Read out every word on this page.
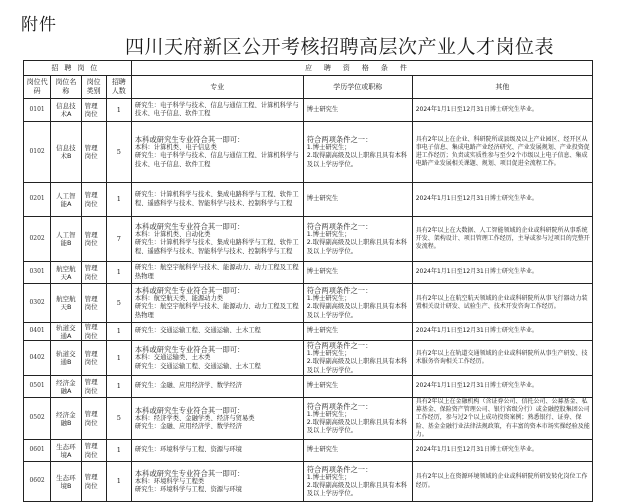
附件
四川天府新区公开考核招聘高层次产业人才岗位表
招聘岗位				应聘资格条件		
岗位代码	岗位名称	岗位类别	招聘人数	专业	学历学位或职称	其他
0101	信息技术A	管理岗位	1	研究生：电子科学与技术、信息与通信工程、计算机科学与技术、电子信息、软件工程	博士研究生	2024年1月1日至12月31日博士研究生毕业。
0102	信息技术B	管理岗位	5	本科或研究生专业符合其一即可：
本科：计算机类、电子信息类
研究生：电子科学与技术、信息与通信工程、计算机科学与技术、电子信息、软件工程	符合两项条件之一：
1.博士研究生；
2.取得副高级及以上职称且具有本科及以上学历学位。	具有2年以上在企业、科研院所或县级及以上产业园区、经开区从事电子信息、集成电路产业经济研究、产业发展规划、产业投资促进工作经历；负责或实质性参与至少2个市级以上电子信息、集成电路产业发展相关课题、规划、项目促进全流程工作。
0201	人工智能A	管理岗位	1	研究生：计算机科学与技术、集成电路科学与工程、软件工程、遥感科学与技术、智能科学与技术、控制科学与工程	博士研究生	2024年1月1日至12月31日博士研究生毕业。
0202	人工智能B	管理岗位	7	本科或研究生专业符合其一即可：
本科：计算机类、自动化类
研究生：计算机科学与技术、集成电路科学与工程、软件工程、遥感科学与技术、智能科学与技术、控制科学与工程	符合两项条件之一：
1.博士研究生；
2.取得副高级及以上职称且具有本科及以上学历学位。	具有2年以上在大数据、人工智能领域的企业或科研院所从事系统开发、架构设计、项目管理工作经历，主导或参与过项目的完整开发流程。
0301	航空航天A	管理岗位	1	研究生：航空宇航科学与技术、能源动力、动力工程及工程热物理	博士研究生	2024年1月1日至12月31日博士研究生毕业。
0302	航空航天B	管理岗位	5	本科或研究生专业符合其一即可：
本科：航空航天类、能源动力类
研究生：航空宇航科学与技术、能源动力、动力工程及工程热物理	符合两项条件之一：
1.博士研究生；
2.取得副高级及以上职称且具有本科及以上学历学位。	具有2年以上在航空航天领域的企业或科研院所从事飞行器动力装置相关设计研发、试验生产、技术开发咨询工作经历。
0401	轨道交通A	管理岗位	1	研究生：交通运输工程、交通运输、土木工程	博士研究生	2024年1月1日至12月31日博士研究生毕业。
0402	轨道交通B	管理岗位	1	本科或研究生专业符合其一即可：
本科：交通运输类、土木类
研究生：交通运输工程、交通运输、土木工程	符合两项条件之一：
1.博士研究生；
2.取得副高级及以上职称且具有本科及以上学历学位。	具有2年以上在轨道交通领域的企业或科研院所从事生产研发、技术服务咨询相关工作经历。
0501	经济金融A	管理岗位	1	研究生：金融、应用经济学、数学经济	博士研究生	2024年1月1日至12月31日博士研究生毕业。
0502	经济金融B	管理岗位	5	本科或研究生专业符合其一即可：
本科：经济学类、金融学类、经济与贸易类
研究生：金融、应用经济学、数学经济	符合两项条件之一：
1.博士研究生；
2.取得副高级及以上职称且具有本科及以上学历学位。	具有2年以上在金融机构（含证券公司、信托公司、公募基金、私募基金、保险资产管理公司、银行省级分行）或金融控股集团公司工作经历，参与过2个以上成功投资案例；熟悉银行、证券、保险、基金金融行业法律法规政策，有丰富的资本市场实操经验及能力。
0601	生态环境A	管理岗位	1	研究生：环境科学与工程、资源与环境	博士研究生	2024年1月1日至12月31日博士研究生毕业。
0602	生态环境B	管理岗位	1	本科或研究生专业符合其一即可：
本科：环境科学与工程类
研究生：环境科学与工程、资源与环境	符合两项条件之一：
1.博士研究生；
2.取得副高级及以上职称且具有本科及以上学历学位。	具有2年以上在资源环境领域的企业或科研院所研发转化岗位工作经历。
